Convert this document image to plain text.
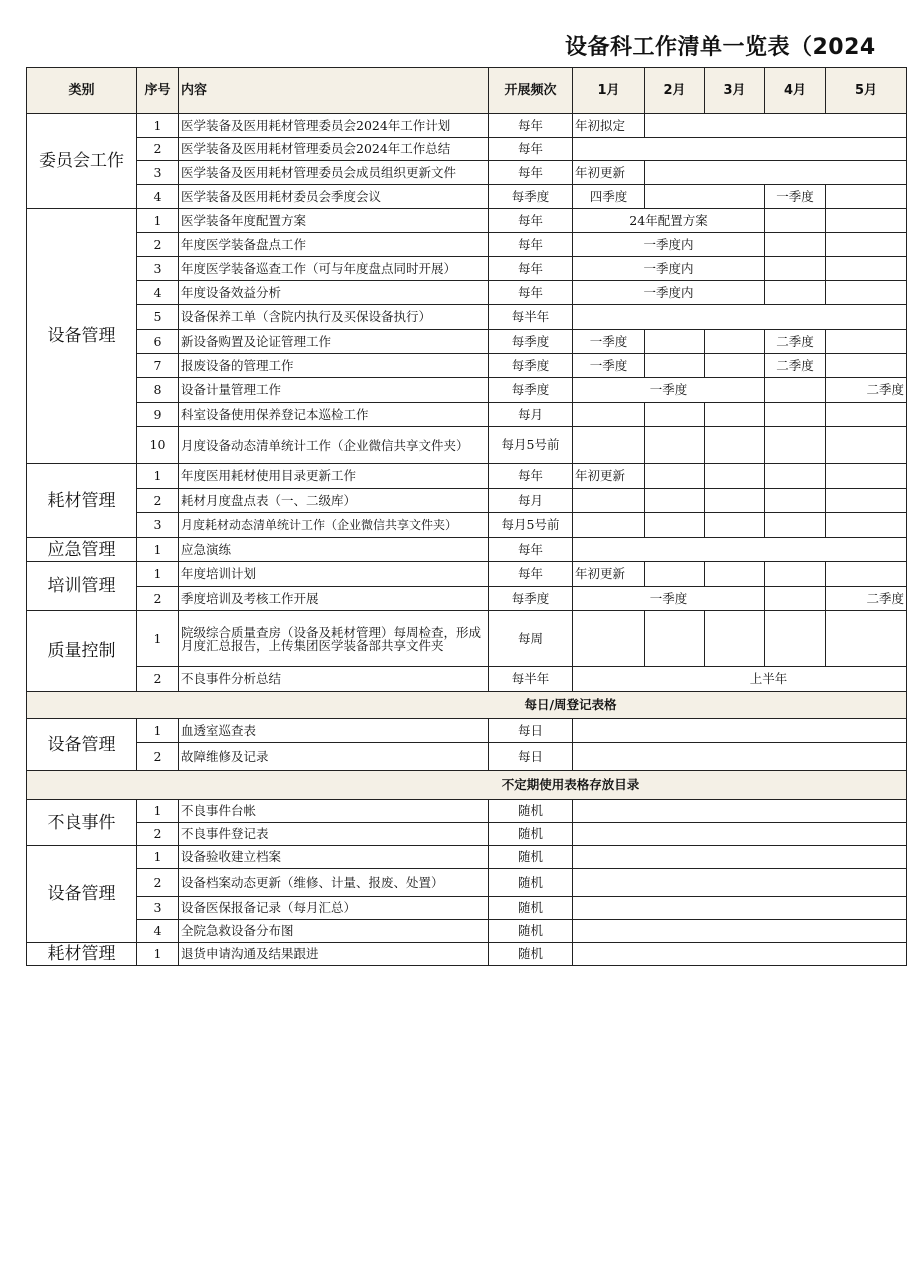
设备科工作清单一览表（2024
类别	序号	内容	开展频次	1月	2月	3月	4月	5月
委员会工作	1	医学装备及医用耗材管理委员会2024年工作计划	每年	年初拟定				
	2	医学装备及医用耗材管理委员会2024年工作总结	每年					
	3	医学装备及医用耗材管理委员会成员组织更新文件	每年	年初更新				
	4	医学装备及医用耗材委员会季度会议	每季度	四季度			一季度	
设备管理	1	医学装备年度配置方案	每年	24年配置方案				
	2	年度医学装备盘点工作	每年	一季度内				
	3	年度医学装备巡查工作（可与年度盘点同时开展）	每年	一季度内				
	4	年度设备效益分析	每年	一季度内				
	5	设备保养工单（含院内执行及买保设备执行）	每半年					
	6	新设备购置及论证管理工作	每季度	一季度			二季度	
	7	报废设备的管理工作	每季度	一季度			二季度	
	8	设备计量管理工作	每季度	一季度				二季度
	9	科室设备使用保养登记本巡检工作	每月					
	10	月度设备动态清单统计工作（企业微信共享文件夹）	每月5号前					
耗材管理	1	年度医用耗材使用目录更新工作	每年	年初更新				
	2	耗材月度盘点表（一、二级库）	每月					
	3	月度耗材动态清单统计工作（企业微信共享文件夹）	每月5号前					
应急管理	1	应急演练	每年					
培训管理	1	年度培训计划	每年	年初更新				
	2	季度培训及考核工作开展	每季度	一季度				二季度
质量控制	1	院级综合质量查房（设备及耗材管理）每周检查，形成月度汇总报告，上传集团医学装备部共享文件夹	每周					
	2	不良事件分析总结	每半年	上半年				
每日/周登记表格								
设备管理	1	血透室巡查表	每日					
	2	故障维修及记录	每日					
不定期使用表格存放目录								
不良事件	1	不良事件台帐	随机					
	2	不良事件登记表	随机					
设备管理	1	设备验收建立档案	随机					
	2	设备档案动态更新（维修、计量、报废、处置）	随机					
	3	设备医保报备记录（每月汇总）	随机					
	4	全院急救设备分布图	随机					
耗材管理	1	退货申请沟通及结果跟进	随机					
